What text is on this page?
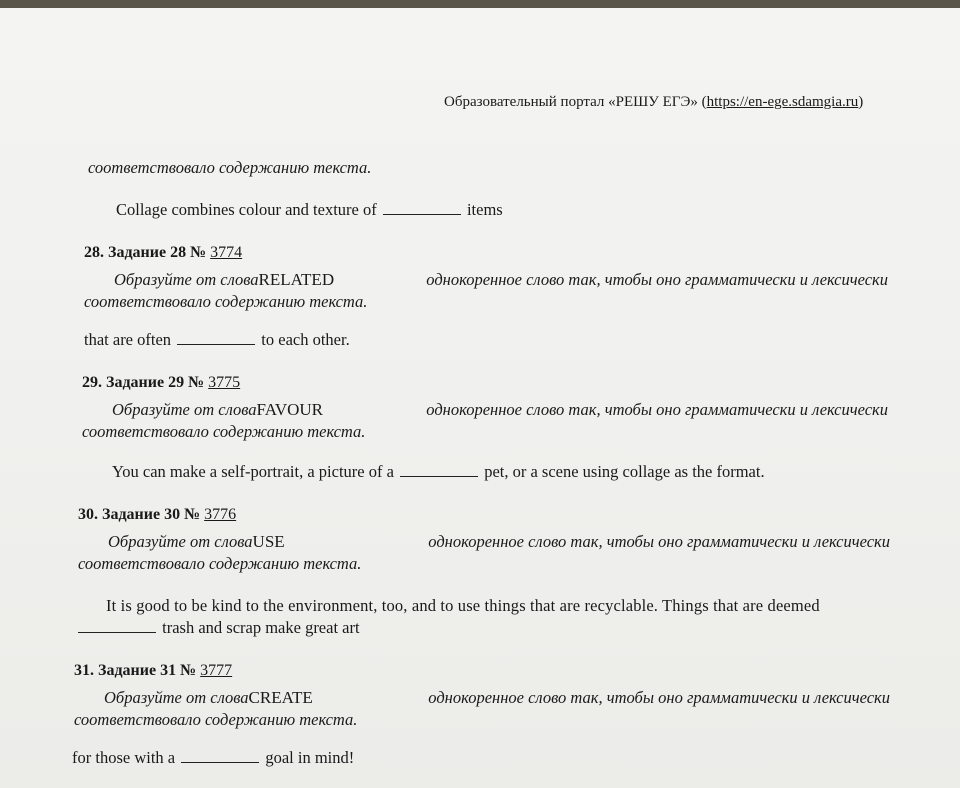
Образовательный портал «РЕШУ ЕГЭ» (https://en-ege.sdamgia.ru)
соответствовало содержанию текста.
Collage combines colour and texture of	items
28. Задание 28 № 3774
Образуйте от словаRELATED	однокоренное слово так, чтобы оно грамматически и лексически
соответствовало содержанию текста.
that are often	to each other.
29. Задание 29 № 3775
Образуйте от словаFAVOUR	однокоренное слово так, чтобы оно грамматически и лексически
соответствовало содержанию текста.
You can make a self-portrait, a picture of a	pet, or a scene using collage as the format.
30. Задание 30 № 3776
Образуйте от словаUSE	однокоренное слово так, чтобы оно грамматически и лексически
соответствовало содержанию текста.
It is good to be kind to the environment, too, and to use things that are recyclable. Things that are deemed
trash and scrap make great art
31. Задание 31 № 3777
Образуйте от словаCREATE	однокоренное слово так, чтобы оно грамматически и лексически
соответствовало содержанию текста.
for those with a	goal in mind!
